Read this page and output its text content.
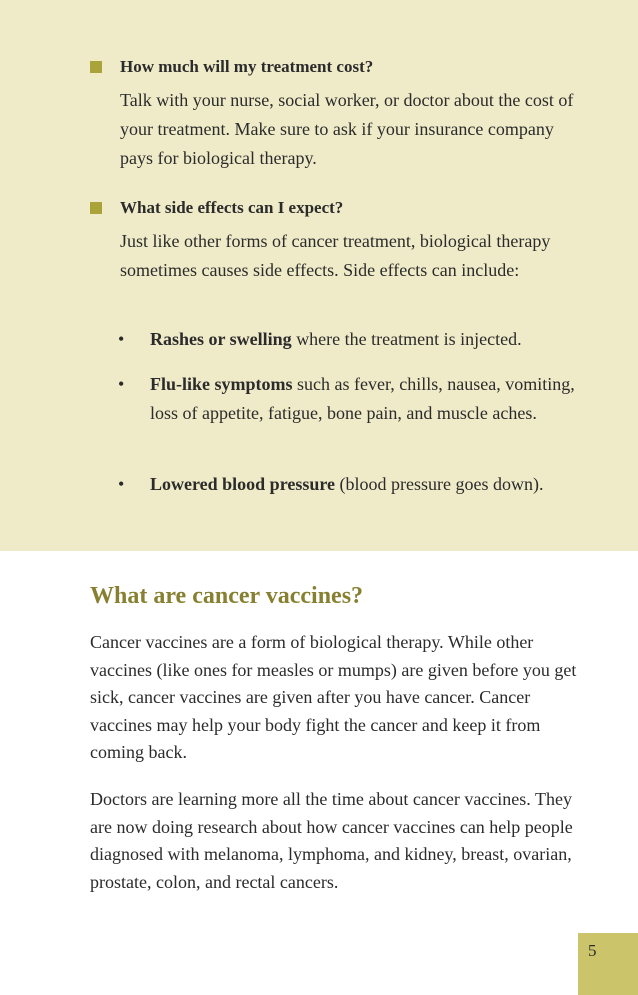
How much will my treatment cost?
Talk with your nurse, social worker, or doctor about the cost of your treatment. Make sure to ask if your insurance company pays for biological therapy.
What side effects can I expect?
Just like other forms of cancer treatment, biological therapy sometimes causes side effects. Side effects can include:
• Rashes or swelling where the treatment is injected.
• Flu-like symptoms such as fever, chills, nausea, vomiting, loss of appetite, fatigue, bone pain, and muscle aches.
• Lowered blood pressure (blood pressure goes down).
What are cancer vaccines?
Cancer vaccines are a form of biological therapy. While other vaccines (like ones for measles or mumps) are given before you get sick, cancer vaccines are given after you have cancer. Cancer vaccines may help your body fight the cancer and keep it from coming back.
Doctors are learning more all the time about cancer vaccines. They are now doing research about how cancer vaccines can help people diagnosed with melanoma, lymphoma, and kidney, breast, ovarian, prostate, colon, and rectal cancers.
5
